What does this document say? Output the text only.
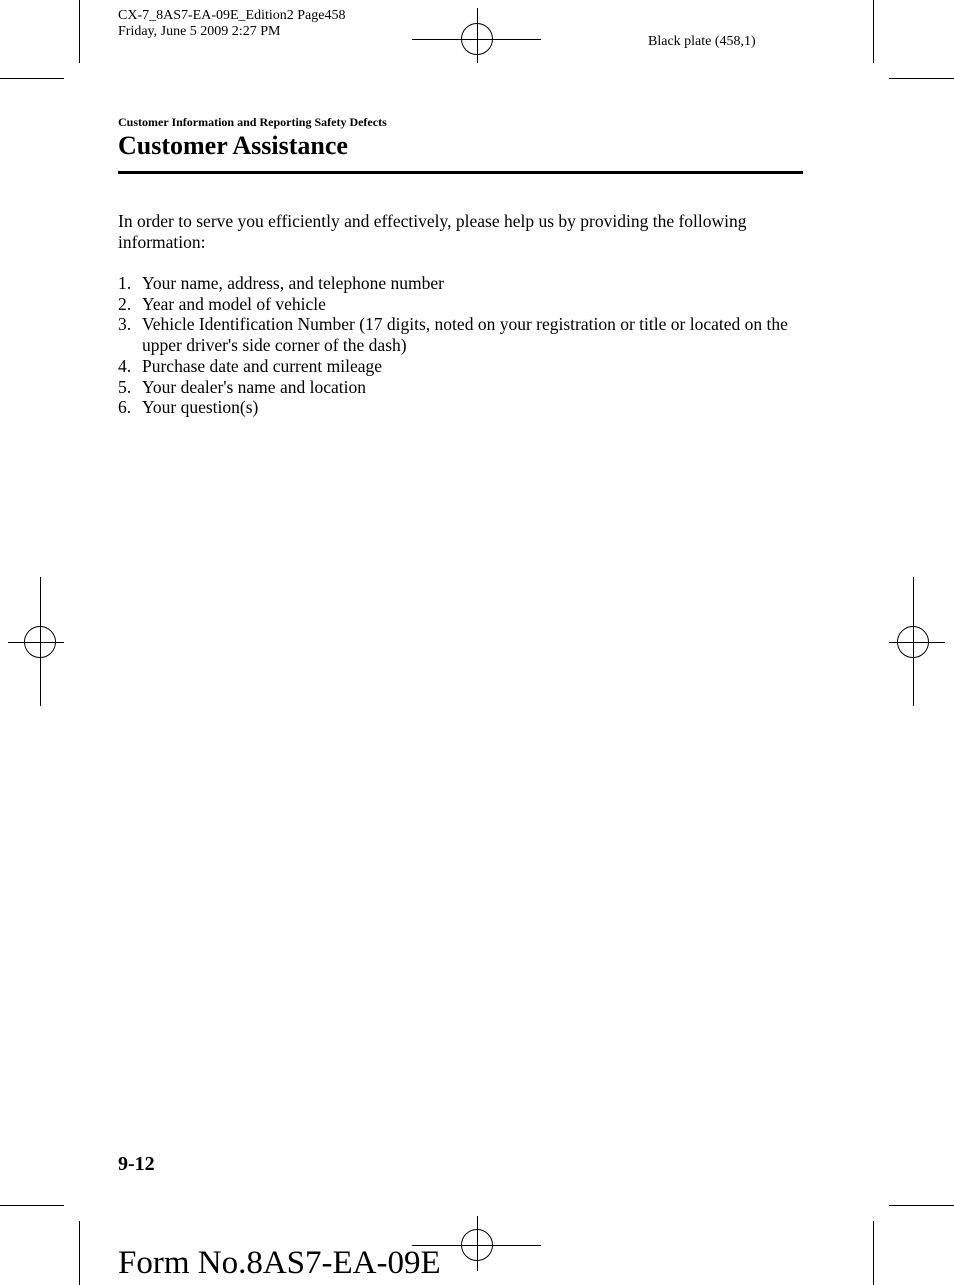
CX-7_8AS7-EA-09E_Edition2 Page458
Friday, June 5 2009 2:27 PM
Black plate (458,1)
Customer Information and Reporting Safety Defects
Customer Assistance
In order to serve you efficiently and effectively, please help us by providing the following information:
1. Your name, address, and telephone number
2. Year and model of vehicle
3. Vehicle Identification Number (17 digits, noted on your registration or title or located on the upper driver's side corner of the dash)
4. Purchase date and current mileage
5. Your dealer's name and location
6. Your question(s)
9-12
Form No.8AS7-EA-09E
